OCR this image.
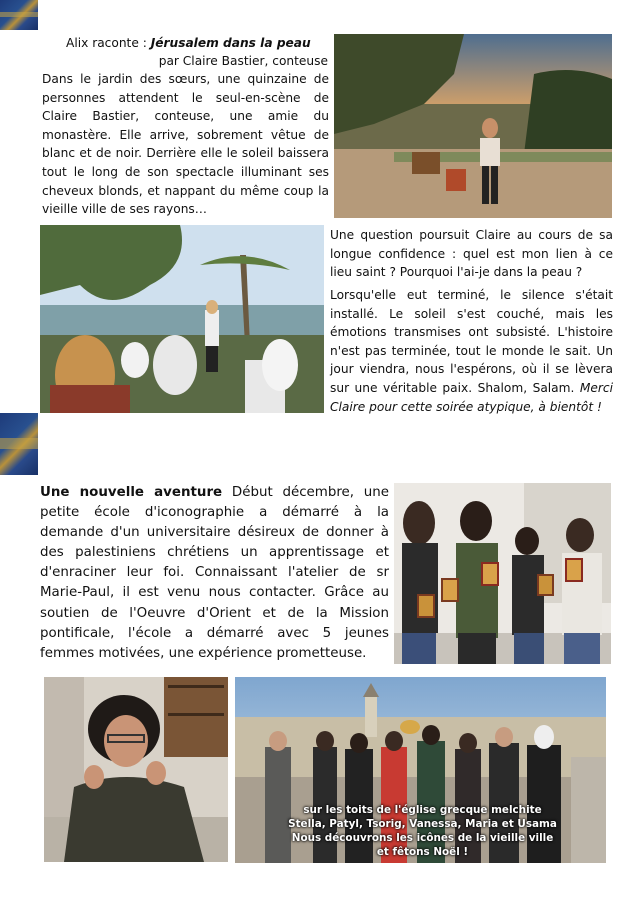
Alix raconte : Jérusalem dans la peau
par Claire Bastier, conteuse
Dans le jardin des sœurs, une quinzaine de personnes attendent le seul-en-scène de Claire Bastier, conteuse, une amie du monastère. Elle arrive, sobrement vêtue de blanc et de noir. Derrière elle le soleil baissera tout le long de son spectacle illuminant ses cheveux blonds, et nappant du même coup la vieille ville de ses rayons…
Une question poursuit Claire au cours de sa longue confidence : quel est mon lien à ce lieu saint ? Pourquoi l'ai-je dans la peau ?
Lorsqu'elle eut terminé, le silence s'était installé. Le soleil s'est couché, mais les émotions transmises ont subsisté. L'histoire n'est pas terminée, tout le monde le sait. Un jour viendra, nous l'espérons, où il se lèvera sur une véritable paix. Shalom, Salam. Merci Claire pour cette soirée atypique, à bientôt !
Une nouvelle aventure Début décembre, une petite école d'iconographie a démarré à la demande d'un universitaire désireux de donner à des palestiniens chrétiens un apprentissage et d'enraciner leur foi. Connaissant l'atelier de sr Marie-Paul, il est venu nous contacter. Grâce au soutien de l'Oeuvre d'Orient et de la Mission pontificale, l'école a démarré avec 5 jeunes femmes motivées, une expérience prometteuse.
sur les toits de l'église grecque melchite
Stella, Patyl, Tsorig, Vanessa, Maria et Usama
Nous découvrons les icônes de la vieille ville
et fêtons Noël !
